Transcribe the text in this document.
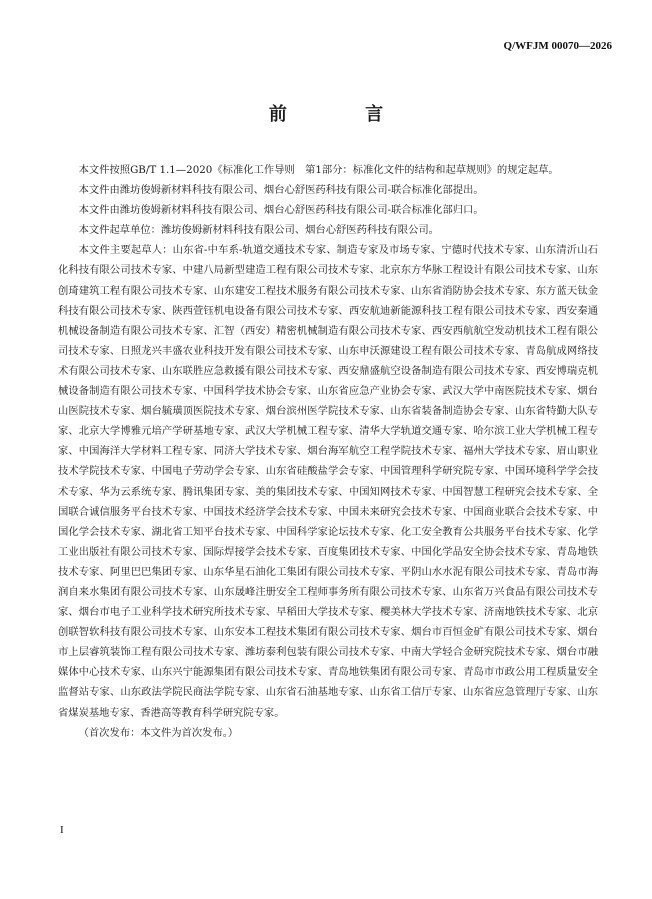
Q/WFJM 00070—2026
前 言

本文件按照GB/T 1.1—2020《标准化工作导则　第1部分：标准化文件的结构和起草规则》的规定起草。

本文件由潍坊俊姆新材料科技有限公司、烟台心舒医药科技有限公司-联合标准化部提出。

本文件由潍坊俊姆新材料科技有限公司、烟台心舒医药科技有限公司-联合标准化部归口。

本文件起草单位：潍坊俊姆新材料科技有限公司、烟台心舒医药科技有限公司。

本文件主要起草人：山东省-中车系-轨道交通技术专家、制造专家及市场专家、宁德时代技术专家、山东清沂山石化科技有限公司技术专家、中建八局新型建造工程有限公司技术专家、北京东方华脉工程设计有限公司技术专家、山东创琦建筑工程有限公司技术专家、山东建安工程技术服务有限公司技术专家、山东省消防协会技术专家、东方蓝天钛金科技有限公司技术专家、陕西萱钰机电设备有限公司技术专家、西安航迪新能源科技工程有限公司技术专家、西安秦通机械设备制造有限公司技术专家、汇智（西安）精密机械制造有限公司技术专家、西安西航航空发动机技术工程有限公司技术专家、日照龙兴丰盛农业科技开发有限公司技术专家、山东申沃源建设工程有限公司技术专家、青岛航成网络技术有限公司技术专家、山东联胜应急救援有限公司技术专家、西安鼎盛航空设备制造有限公司技术专家、西安博瑞克机械设备制造有限公司技术专家、中国科学技术协会专家、山东省应急产业协会专家、武汉大学中南医院技术专家、烟台山医院技术专家、烟台毓璜顶医院技术专家、烟台滨州医学院技术专家、山东省装备制造协会专家、山东省特勤大队专家、北京大学博雅元培产学研基地专家、武汉大学机械工程专家、清华大学轨道交通专家、哈尔滨工业大学机械工程专家、中国海洋大学材料工程专家、同济大学技术专家、烟台海军航空工程学院技术专家、福州大学技术专家、眉山职业技术学院技术专家、中国电子劳动学会专家、山东省硅酸盐学会专家、中国管理科学研究院专家、中国环境科学学会技术专家、华为云系统专家、腾讯集团专家、美的集团技术专家、中国知网技术专家、中国智慧工程研究会技术专家、全国联合诚信服务平台技术专家、中国技术经济学会技术专家、中国未来研究会技术专家、中国商业联合会技术专家、中国化学会技术专家、湖北省工知平台技术专家、中国科学家论坛技术专家、化工安全教育公共服务平台技术专家、化学工业出版社有限公司技术专家、国际焊接学会技术专家、百度集团技术专家、中国化学品安全协会技术专家、青岛地铁技术专家、阿里巴巴集团专家、山东华星石油化工集团有限公司技术专家、平阴山水水泥有限公司技术专家、青岛市海润自来水集团有限公司技术专家、山东晟峰注册安全工程师事务所有限公司技术专家、山东省万兴食品有限公司技术专家、烟台市电子工业科学技术研究所技术专家、早稻田大学技术专家、樱美林大学技术专家、济南地铁技术专家、北京创联智软科技有限公司技术专家、山东安本工程技术集团有限公司技术专家、烟台市百恒金矿有限公司技术专家、烟台市上层睿筑装饰工程有限公司技术专家、潍坊泰利包装有限公司技术专家、中南大学轻合金研究院技术专家、烟台市融媒体中心技术专家、山东兴宁能源集团有限公司技术专家、青岛地铁集团有限公司专家、青岛市市政公用工程质量安全监督站专家、山东政法学院民商法学院专家、山东省石油基地专家、山东省工信厅专家、山东省应急管理厅专家、山东省煤炭基地专家、香港高等教育科学研究院专家。

（首次发布：本文件为首次发布。）

I
